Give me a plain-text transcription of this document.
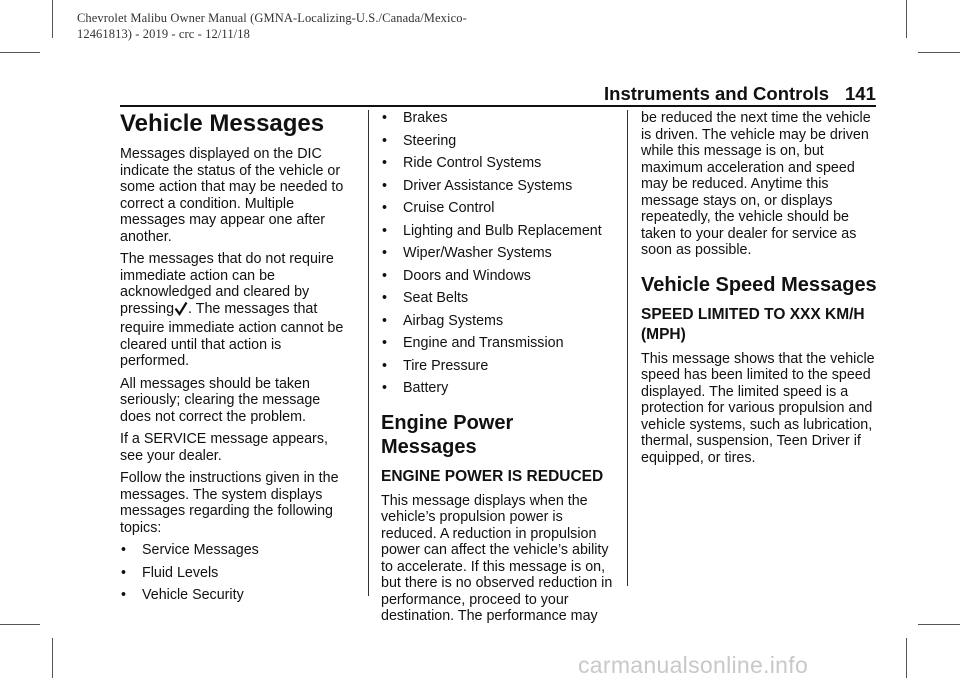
Chevrolet Malibu Owner Manual (GMNA-Localizing-U.S./Canada/Mexico-
12461813) - 2019 - crc - 12/11/18
Instruments and Controls 141
Vehicle Messages

Messages displayed on the DIC indicate the status of the vehicle or some action that may be needed to correct a condition. Multiple messages may appear one after another.

The messages that do not require immediate action can be acknowledged and cleared by pressing . The messages that require immediate action cannot be cleared until that action is performed.

All messages should be taken seriously; clearing the message does not correct the problem.

If a SERVICE message appears, see your dealer.

Follow the instructions given in the messages. The system displays messages regarding the following topics:

• Service Messages
• Fluid Levels
• Vehicle Security
• Brakes
• Steering
• Ride Control Systems
• Driver Assistance Systems
• Cruise Control
• Lighting and Bulb Replacement
• Wiper/Washer Systems
• Doors and Windows
• Seat Belts
• Airbag Systems
• Engine and Transmission
• Tire Pressure
• Battery
Engine Power Messages
ENGINE POWER IS REDUCED

This message displays when the vehicle’s propulsion power is reduced. A reduction in propulsion power can affect the vehicle’s ability to accelerate. If this message is on, but there is no observed reduction in performance, proceed to your destination. The performance may

be reduced the next time the vehicle is driven. The vehicle may be driven while this message is on, but maximum acceleration and speed may be reduced. Anytime this message stays on, or displays repeatedly, the vehicle should be taken to your dealer for service as soon as possible.

Vehicle Speed Messages
SPEED LIMITED TO XXX KM/H (MPH)

This message shows that the vehicle speed has been limited to the speed displayed. The limited speed is a protection for various propulsion and vehicle systems, such as lubrication, thermal, suspension, Teen Driver if equipped, or tires.

carmanualsonline.info
